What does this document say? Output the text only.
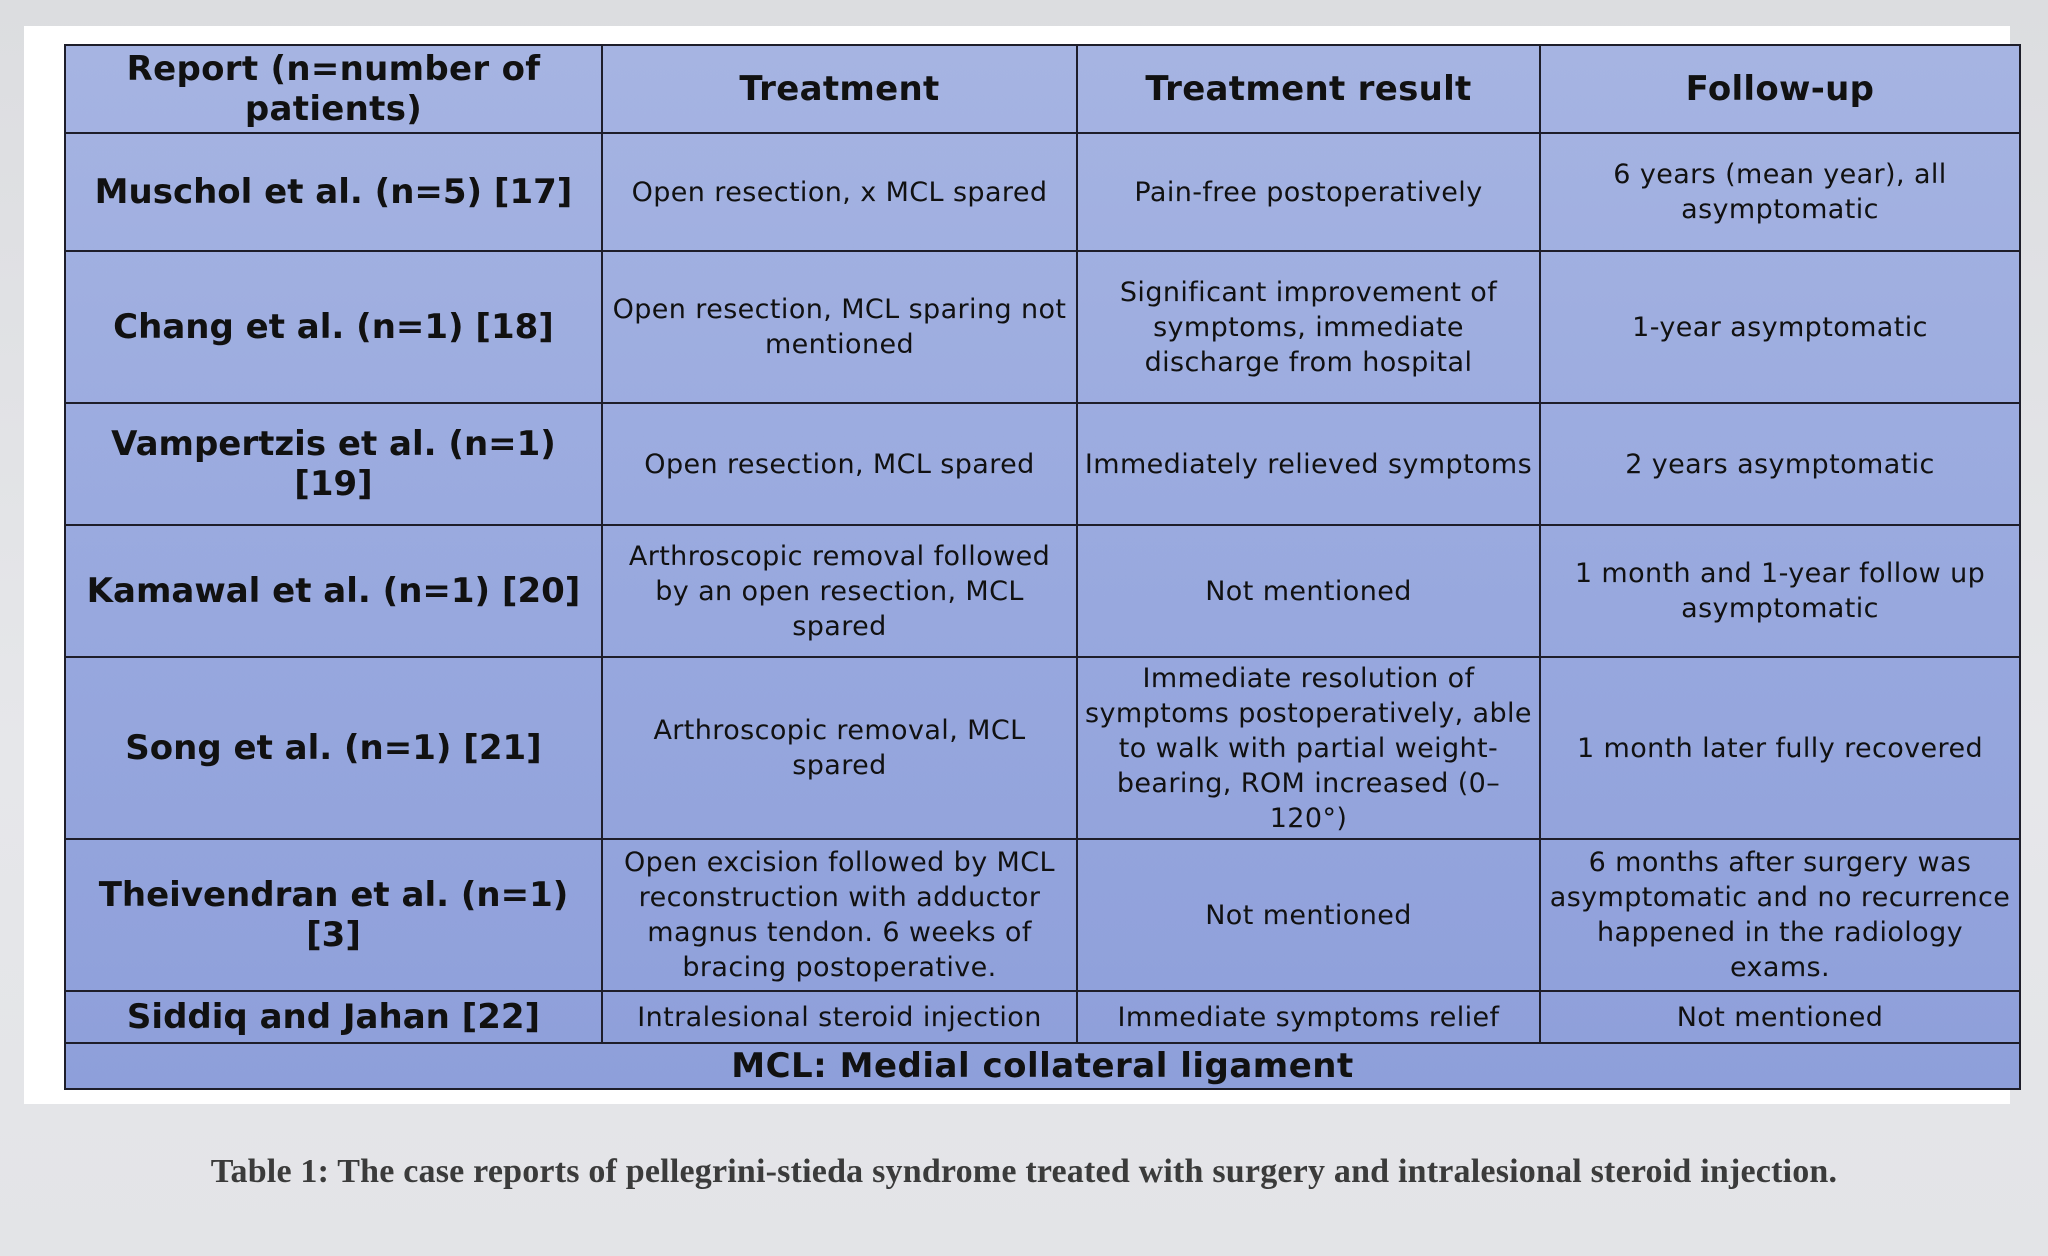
Report (n=number of patients)	Treatment	Treatment result	Follow-up
Muschol et al. (n=5) [17]	Open resection, x MCL spared	Pain-free postoperatively	6 years (mean year), all asymptomatic
Chang et al. (n=1) [18]	Open resection, MCL sparing not mentioned	Significant improvement of symptoms, immediate discharge from hospital	1-year asymptomatic
Vampertzis et al. (n=1) [19]	Open resection, MCL spared	Immediately relieved symptoms	2 years asymptomatic
Kamawal et al. (n=1) [20]	Arthroscopic removal followed by an open resection, MCL spared	Not mentioned	1 month and 1-year follow up asymptomatic
Song et al. (n=1) [21]	Arthroscopic removal, MCL spared	Immediate resolution of symptoms postoperatively, able to walk with partial weight-bearing, ROM increased (0–120°)	1 month later fully recovered
Theivendran et al. (n=1) [3]	Open excision followed by MCL reconstruction with adductor magnus tendon. 6 weeks of bracing postoperative.	Not mentioned	6 months after surgery was asymptomatic and no recurrence happened in the radiology exams.
Siddiq and Jahan [22]	Intralesional steroid injection	Immediate symptoms relief	Not mentioned
MCL: Medial collateral ligament			
Table 1: The case reports of pellegrini-stieda syndrome treated with surgery and intralesional steroid injection.
